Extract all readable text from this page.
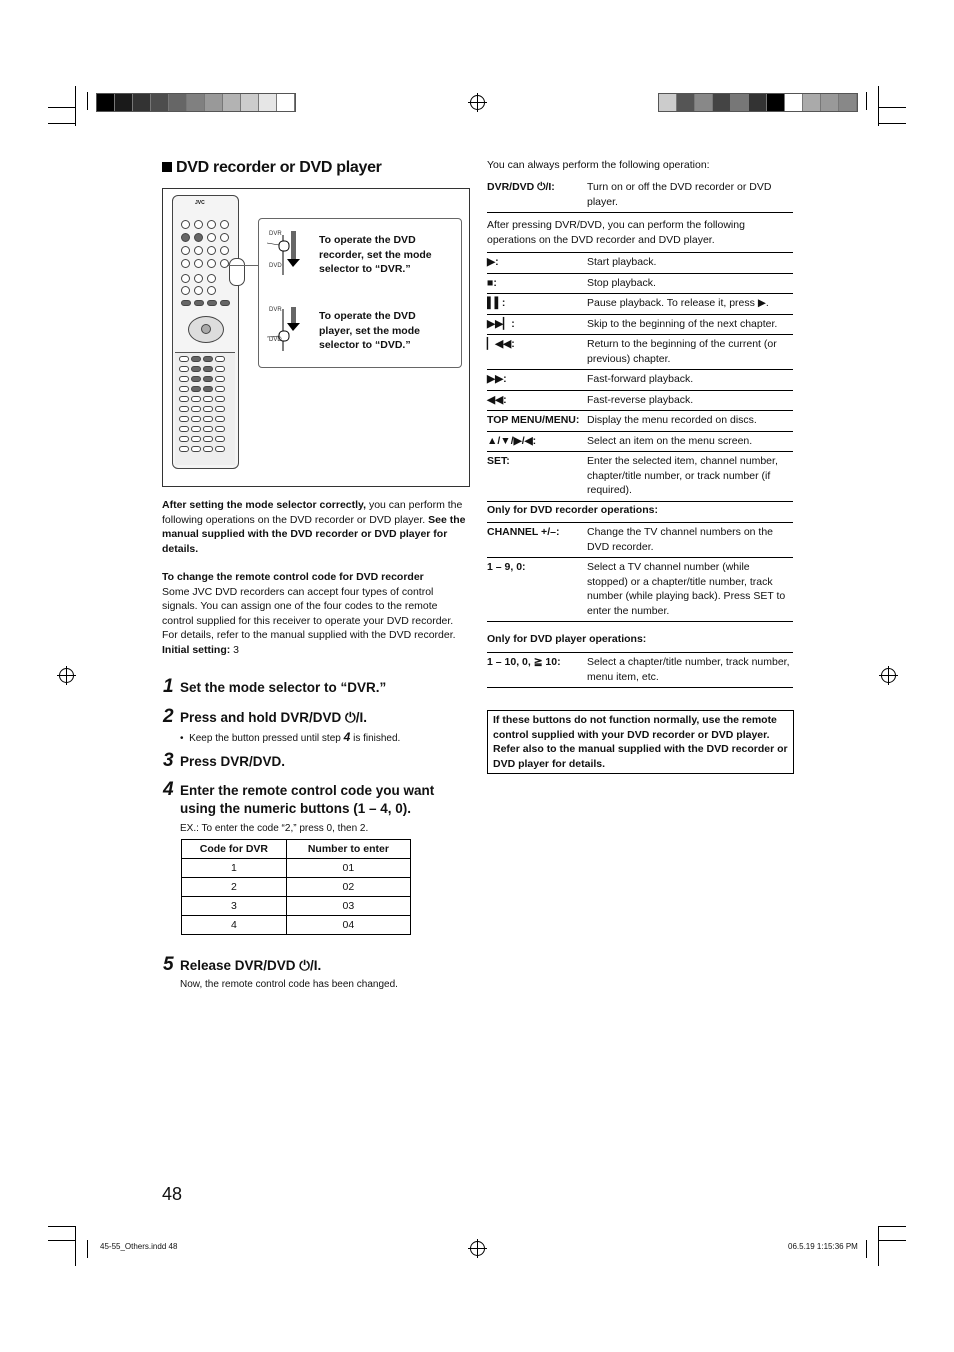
DVD recorder or DVD player
JVC
DVR
DVD
To operate the DVD
recorder, set the mode
selector to “DVR.”
DVR
DVD
To operate the DVD
player, set the mode
selector to “DVD.”
After setting the mode selector correctly, you can perform the following operations on the DVD recorder or DVD player. See the manual supplied with the DVD recorder or DVD player for details.
To change the remote control code for DVD recorder
Some JVC DVD recorders can accept four types of control signals. You can assign one of the four codes to the remote control supplied for this receiver to operate your DVD recorder. For details, refer to the manual supplied with the DVD recorder.
Initial setting: 3
1 Set the mode selector to “DVR.”
2 Press and hold DVR/DVD ⏻/I.
•  Keep the button pressed until step 4 is finished.
3 Press DVR/DVD.
4 Enter the remote control code you want using the numeric buttons (1 – 4, 0).
EX.: To enter the code “2,” press 0, then 2.
Code for DVR	Number to enter
1	01
2	02
3	03
4	04
5 Release DVR/DVD ⏻/I.
Now, the remote control code has been changed.
You can always perform the following operation:
DVR/DVD ⏻/I:	Turn on or off the DVD recorder or DVD player.
After pressing DVR/DVD, you can perform the following operations on the DVD recorder and DVD player.
▶:	Start playback.
■:	Stop playback.
▌▌:	Pause playback. To release it, press ▶.
▶▶▏:	Skip to the beginning of the next chapter.
▏◀◀:	Return to the beginning of the current (or previous) chapter.
▶▶:	Fast-forward playback.
◀◀:	Fast-reverse playback.
TOP MENU/MENU: Display the menu recorded on discs.
▲/▼/▶/◀:	Select an item on the menu screen.
SET:	Enter the selected item, channel number, chapter/title number, or track number (if required).
Only for DVD recorder operations:
CHANNEL +/–:	Change the TV channel numbers on the DVD recorder.
1 – 9, 0:	Select a TV channel number (while stopped) or a chapter/title number, track number (while playing back). Press SET to enter the number.
Only for DVD player operations:
1 – 10, 0, ≧ 10:	Select a chapter/title number, track number, menu item, etc.
If these buttons do not function normally, use the remote control supplied with your DVD recorder or DVD player. Refer also to the manual supplied with the DVD recorder or DVD player for details.
48
45-55_Others.indd 48	06.5.19 1:15:36 PM
